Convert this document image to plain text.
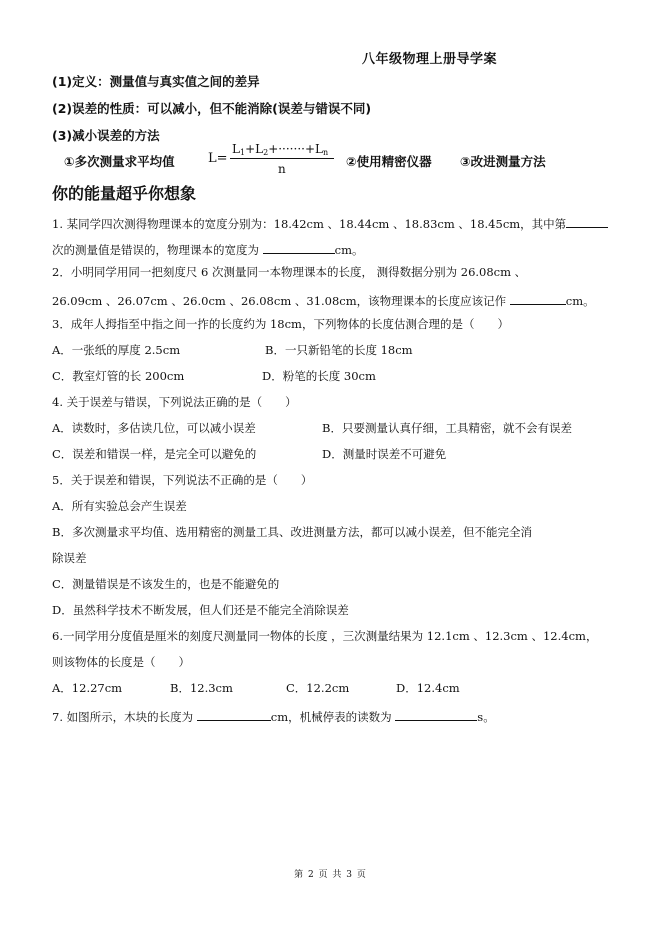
八年级物理上册导学案
(1)定义：测量值与真实值之间的差异
(2)误差的性质：可以减小，但不能消除(误差与错误不同)
(3)减小误差的方法
①多次测量求平均值	L=
$L_1+L_2+\cdot\cdot\cdot\cdot\cdot\cdot\cdot+L_n$
n	②使用精密仪器 ③改进测量方法
你的能量超乎你想象
1. 某同学四次测得物理课本的宽度分别为：18.42cm 、18.44cm 、18.83cm 、18.45cm，其中第
次的测量值是错误的，物理课本的宽度为	cm。
2．小明同学用同一把刻度尺 6 次测量同一本物理课本的长度， 测得数据分别为 26.08cm 、
26.09cm 、26.07cm 、26.0cm 、26.08cm 、31.08cm，该物理课本的长度应该记作	cm。
3．成年人拇指至中指之间一拃的长度约为 18cm，下列物体的长度估测合理的是（　　）
A．一张纸的厚度 2.5cm	B．一只新铅笔的长度 18cm
C．教室灯管的长 200cm	D．粉笔的长度 30cm
4. 关于误差与错误，下列说法正确的是（　　）
A．读数时，多估读几位，可以减小误差	B．只要测量认真仔细，工具精密，就不会有误差
C．误差和错误一样，是完全可以避免的	D．测量时误差不可避免
5．关于误差和错误，下列说法不正确的是（　　）
A．所有实验总会产生误差
B．多次测量求平均值、选用精密的测量工具、改进测量方法，都可以减小误差，但不能完全消
除误差
C．测量错误是不该发生的，也是不能避免的
D．虽然科学技术不断发展，但人们还是不能完全消除误差
6.一同学用分度值是厘米的刻度尺测量同一物体的长度 ，三次测量结果为 12.1cm 、12.3cm 、12.4cm，
则该物体的长度是（　　）
A．12.27cm	B．12.3cm	C．12.2cm	D．12.4cm
7. 如图所示，木块的长度为	cm，机械停表的读数为	s。
第 2 页 共 3 页
